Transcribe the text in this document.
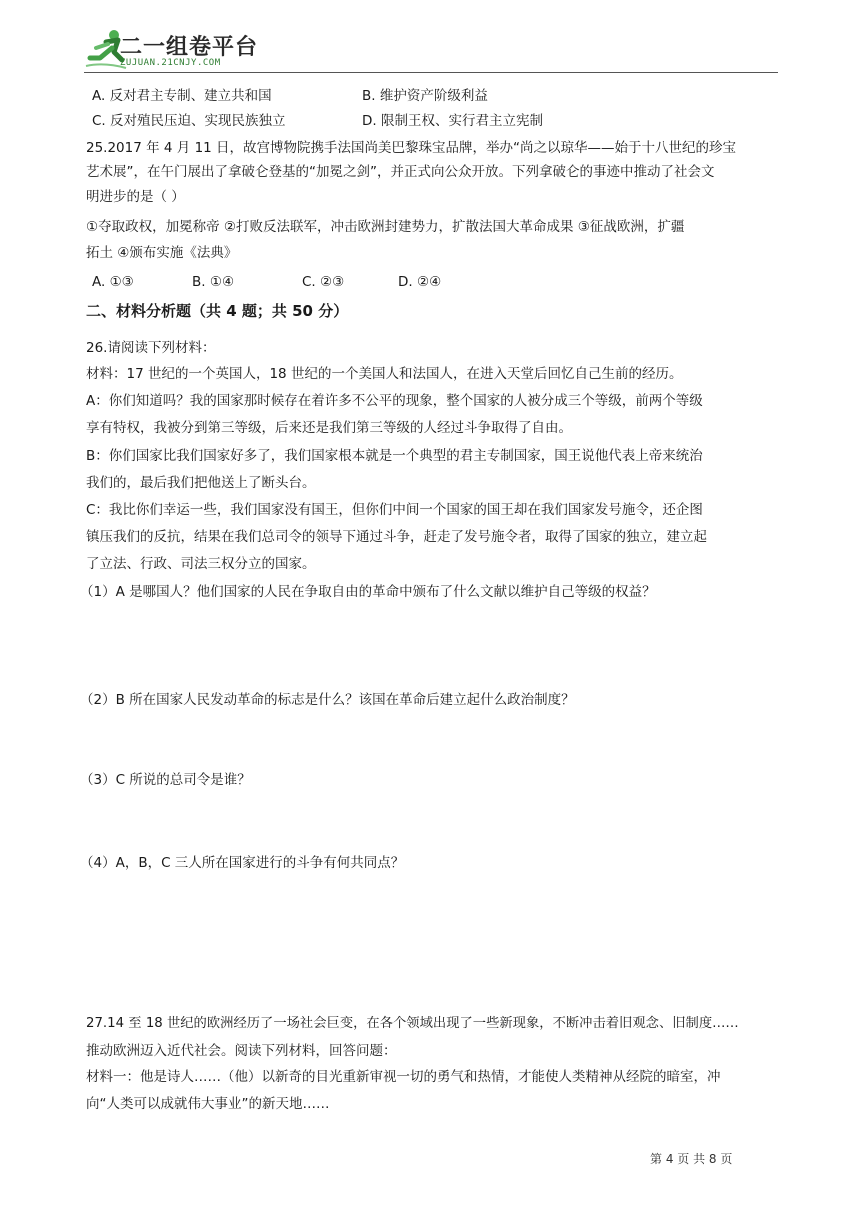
二一组卷平台
ZUJUAN.21CNJY.COM
A. 反对君主专制、建立共和国	B. 维护资产阶级利益
C. 反对殖民压迫、实现民族独立	D. 限制王权、实行君主立宪制
25.2017 年 4 月 11 日，故宫博物院携手法国尚美巴黎珠宝品牌，举办“尚之以琼华——始于十八世纪的珍宝
艺术展”，在午门展出了拿破仑登基的“加冕之剑”，并正式向公众开放。下列拿破仑的事迹中推动了社会文
明进步的是（ ）
①夺取政权，加冕称帝 ②打败反法联军，冲击欧洲封建势力，扩散法国大革命成果 ③征战欧洲，扩疆
拓土 ④颁布实施《法典》
A. ①③	B. ①④	C. ②③	D. ②④
二、材料分析题（共 4 题；共 50 分）
26.请阅读下列材料：
材料：17 世纪的一个英国人，18 世纪的一个美国人和法国人，在进入天堂后回忆自己生前的经历。
A：你们知道吗？我的国家那时候存在着许多不公平的现象，整个国家的人被分成三个等级，前两个等级
享有特权，我被分到第三等级，后来还是我们第三等级的人经过斗争取得了自由。
B：你们国家比我们国家好多了，我们国家根本就是一个典型的君主专制国家，国王说他代表上帝来统治
我们的，最后我们把他送上了断头台。
C：我比你们幸运一些，我们国家没有国王，但你们中间一个国家的国王却在我们国家发号施令，还企图
镇压我们的反抗，结果在我们总司令的领导下通过斗争，赶走了发号施令者，取得了国家的独立，建立起
了立法、行政、司法三权分立的国家。
（1）A 是哪国人？他们国家的人民在争取自由的革命中颁布了什么文献以维护自己等级的权益？
（2）B 所在国家人民发动革命的标志是什么？该国在革命后建立起什么政治制度？
（3）C 所说的总司令是谁？
（4）A，B，C 三人所在国家进行的斗争有何共同点？
27.14 至 18 世纪的欧洲经历了一场社会巨变，在各个领域出现了一些新现象，不断冲击着旧观念、旧制度……
推动欧洲迈入近代社会。阅读下列材料，回答问题：
材料一：他是诗人……（他）以新奇的目光重新审视一切的勇气和热情，才能使人类精神从经院的暗室，冲
向“人类可以成就伟大事业”的新天地……
第 4 页 共 8 页
